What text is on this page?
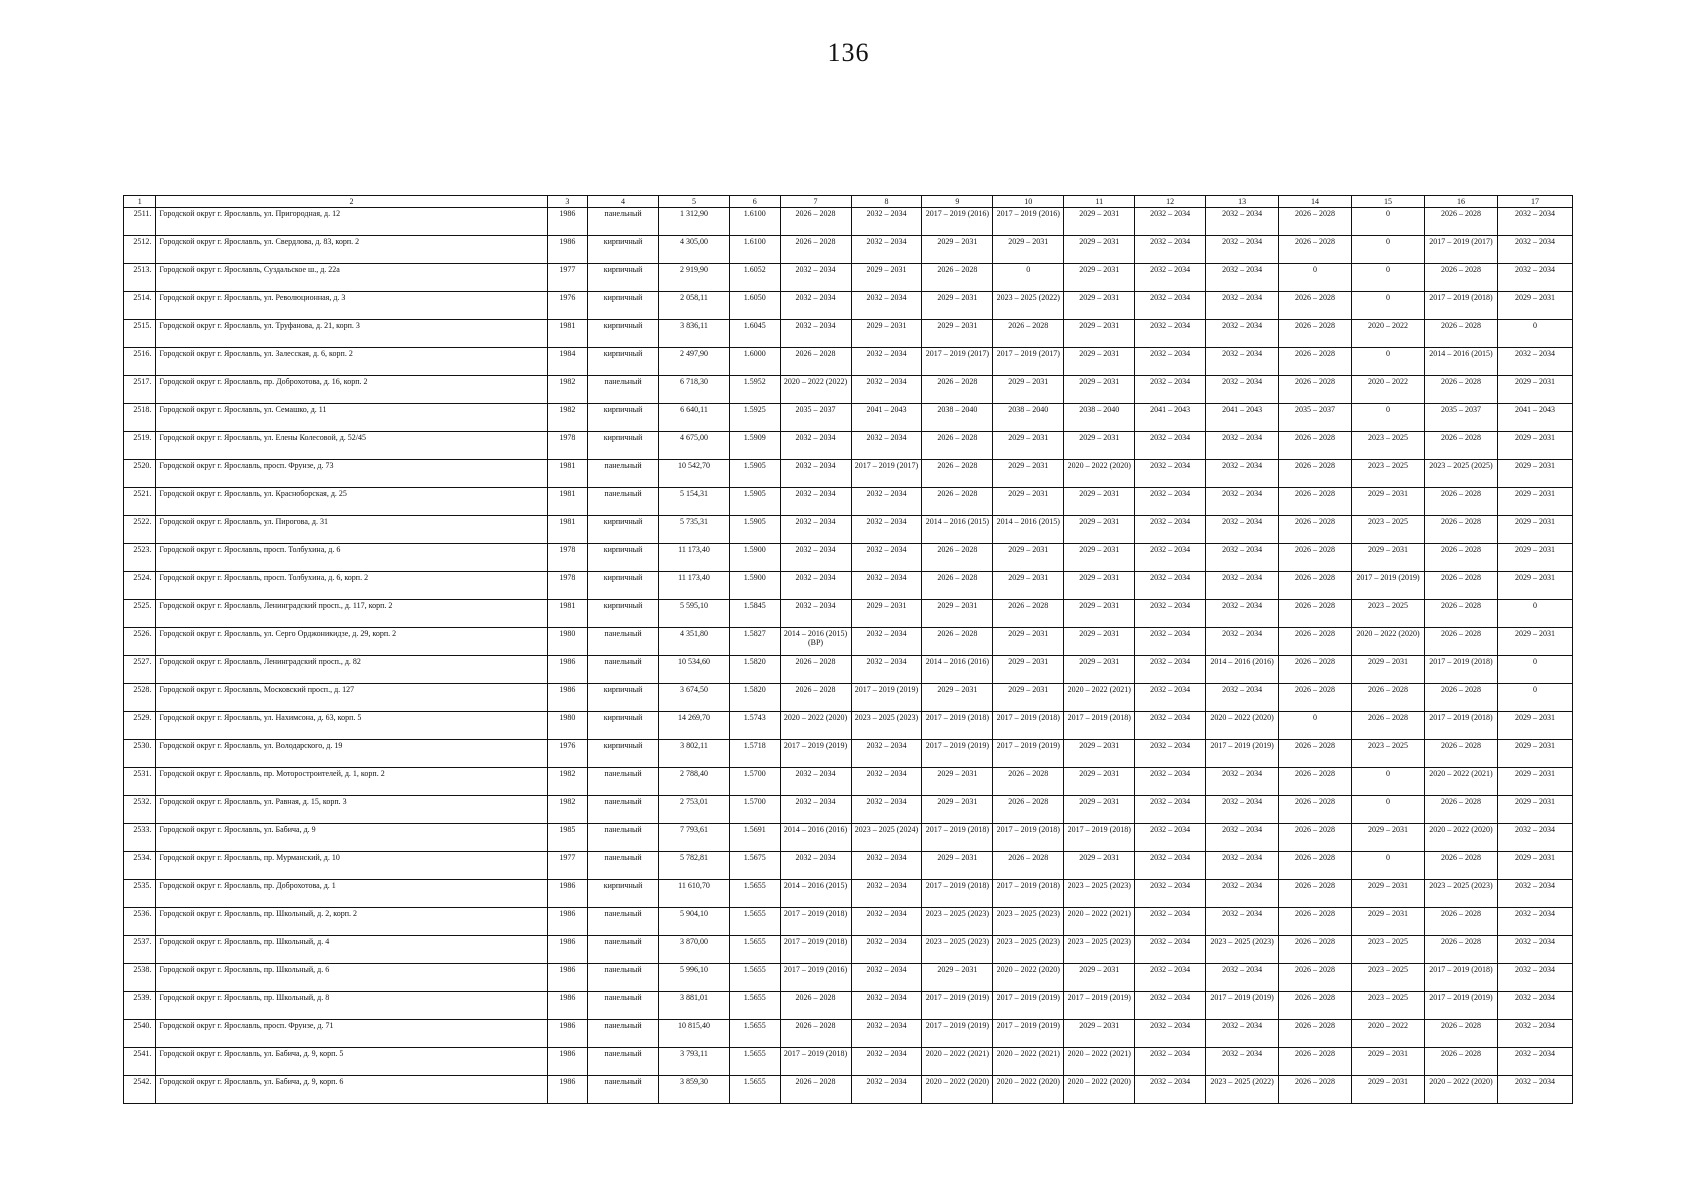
136
1	2	3	4	5	6	7	8	9	10	11	12	13	14	15	16	17
2511.	Городской округ г. Ярославль, ул. Пригородная, д. 12	1986	панельный	1 312,90	1.6100	2026 – 2028	2032 – 2034	2017 – 2019 (2016)	2017 – 2019 (2016)	2029 – 2031	2032 – 2034	2032 – 2034	2026 – 2028	0	2026 – 2028	2032 – 2034
2512.	Городской округ г. Ярославль, ул. Свердлова, д. 83, корп. 2	1986	кирпичный	4 305,00	1.6100	2026 – 2028	2032 – 2034	2029 – 2031	2029 – 2031	2029 – 2031	2032 – 2034	2032 – 2034	2026 – 2028	0	2017 – 2019 (2017)	2032 – 2034
2513.	Городской округ г. Ярославль, Суздальское ш., д. 22а	1977	кирпичный	2 919,90	1.6052	2032 – 2034	2029 – 2031	2026 – 2028	0	2029 – 2031	2032 – 2034	2032 – 2034	0	0	2026 – 2028	2032 – 2034
2514.	Городской округ г. Ярославль, ул. Революционная, д. 3	1976	кирпичный	2 058,11	1.6050	2032 – 2034	2032 – 2034	2029 – 2031	2023 – 2025 (2022)	2029 – 2031	2032 – 2034	2032 – 2034	2026 – 2028	0	2017 – 2019 (2018)	2029 – 2031
2515.	Городской округ г. Ярославль, ул. Труфанова, д. 21, корп. 3	1981	кирпичный	3 836,11	1.6045	2032 – 2034	2029 – 2031	2029 – 2031	2026 – 2028	2029 – 2031	2032 – 2034	2032 – 2034	2026 – 2028	2020 – 2022	2026 – 2028	0
2516.	Городской округ г. Ярославль, ул. Залесская, д. 6, корп. 2	1984	кирпичный	2 497,90	1.6000	2026 – 2028	2032 – 2034	2017 – 2019 (2017)	2017 – 2019 (2017)	2029 – 2031	2032 – 2034	2032 – 2034	2026 – 2028	0	2014 – 2016 (2015)	2032 – 2034
2517.	Городской округ г. Ярославль, пр. Доброхотова, д. 16, корп. 2	1982	панельный	6 718,30	1.5952	2020 – 2022 (2022)	2032 – 2034	2026 – 2028	2029 – 2031	2029 – 2031	2032 – 2034	2032 – 2034	2026 – 2028	2020 – 2022	2026 – 2028	2029 – 2031
2518.	Городской округ г. Ярославль, ул. Семашко, д. 11	1982	кирпичный	6 640,11	1.5925	2035 – 2037	2041 – 2043	2038 – 2040	2038 – 2040	2038 – 2040	2041 – 2043	2041 – 2043	2035 – 2037	0	2035 – 2037	2041 – 2043
2519.	Городской округ г. Ярославль, ул. Елены Колесовой, д. 52/45	1978	кирпичный	4 675,00	1.5909	2032 – 2034	2032 – 2034	2026 – 2028	2029 – 2031	2029 – 2031	2032 – 2034	2032 – 2034	2026 – 2028	2023 – 2025	2026 – 2028	2029 – 2031
2520.	Городской округ г. Ярославль, просп. Фрунзе, д. 73	1981	панельный	10 542,70	1.5905	2032 – 2034	2017 – 2019 (2017)	2026 – 2028	2029 – 2031	2020 – 2022 (2020)	2032 – 2034	2032 – 2034	2026 – 2028	2023 – 2025	2023 – 2025 (2025)	2029 – 2031
2521.	Городской округ г. Ярославль, ул. Красноборская, д. 25	1981	панельный	5 154,31	1.5905	2032 – 2034	2032 – 2034	2026 – 2028	2029 – 2031	2029 – 2031	2032 – 2034	2032 – 2034	2026 – 2028	2029 – 2031	2026 – 2028	2029 – 2031
2522.	Городской округ г. Ярославль, ул. Пирогова, д. 31	1981	кирпичный	5 735,31	1.5905	2032 – 2034	2032 – 2034	2014 – 2016 (2015)	2014 – 2016 (2015)	2029 – 2031	2032 – 2034	2032 – 2034	2026 – 2028	2023 – 2025	2026 – 2028	2029 – 2031
2523.	Городской округ г. Ярославль, просп. Толбухина, д. 6	1978	кирпичный	11 173,40	1.5900	2032 – 2034	2032 – 2034	2026 – 2028	2029 – 2031	2029 – 2031	2032 – 2034	2032 – 2034	2026 – 2028	2029 – 2031	2026 – 2028	2029 – 2031
2524.	Городской округ г. Ярославль, просп. Толбухина, д. 6, корп. 2	1978	кирпичный	11 173,40	1.5900	2032 – 2034	2032 – 2034	2026 – 2028	2029 – 2031	2029 – 2031	2032 – 2034	2032 – 2034	2026 – 2028	2017 – 2019 (2019)	2026 – 2028	2029 – 2031
2525.	Городской округ г. Ярославль, Ленинградский просп., д. 117, корп. 2	1981	кирпичный	5 595,10	1.5845	2032 – 2034	2029 – 2031	2029 – 2031	2026 – 2028	2029 – 2031	2032 – 2034	2032 – 2034	2026 – 2028	2023 – 2025	2026 – 2028	0
2526.	Городской округ г. Ярославль, ул. Серго Орджоникидзе, д. 29, корп. 2	1980	панельный	4 351,80	1.5827	2014 – 2016 (2015) (ВР)	2032 – 2034	2026 – 2028	2029 – 2031	2029 – 2031	2032 – 2034	2032 – 2034	2026 – 2028	2020 – 2022 (2020)	2026 – 2028	2029 – 2031
2527.	Городской округ г. Ярославль, Ленинградский просп., д. 82	1986	панельный	10 534,60	1.5820	2026 – 2028	2032 – 2034	2014 – 2016 (2016)	2029 – 2031	2029 – 2031	2032 – 2034	2014 – 2016 (2016)	2026 – 2028	2029 – 2031	2017 – 2019 (2018)	0
2528.	Городской округ г. Ярославль, Московский просп., д. 127	1986	кирпичный	3 674,50	1.5820	2026 – 2028	2017 – 2019 (2019)	2029 – 2031	2029 – 2031	2020 – 2022 (2021)	2032 – 2034	2032 – 2034	2026 – 2028	2026 – 2028	2026 – 2028	0
2529.	Городской округ г. Ярославль, ул. Нахимсона, д. 63, корп. 5	1980	кирпичный	14 269,70	1.5743	2020 – 2022 (2020)	2023 – 2025 (2023)	2017 – 2019 (2018)	2017 – 2019 (2018)	2017 – 2019 (2018)	2032 – 2034	2020 – 2022 (2020)	0	2026 – 2028	2017 – 2019 (2018)	2029 – 2031
2530.	Городской округ г. Ярославль, ул. Володарского, д. 19	1976	кирпичный	3 802,11	1.5718	2017 – 2019 (2019)	2032 – 2034	2017 – 2019 (2019)	2017 – 2019 (2019)	2029 – 2031	2032 – 2034	2017 – 2019 (2019)	2026 – 2028	2023 – 2025	2026 – 2028	2029 – 2031
2531.	Городской округ г. Ярославль, пр. Моторостроителей, д. 1, корп. 2	1982	панельный	2 788,40	1.5700	2032 – 2034	2032 – 2034	2029 – 2031	2026 – 2028	2029 – 2031	2032 – 2034	2032 – 2034	2026 – 2028	0	2020 – 2022 (2021)	2029 – 2031
2532.	Городской округ г. Ярославль, ул. Равная, д. 15, корп. 3	1982	панельный	2 753,01	1.5700	2032 – 2034	2032 – 2034	2029 – 2031	2026 – 2028	2029 – 2031	2032 – 2034	2032 – 2034	2026 – 2028	0	2026 – 2028	2029 – 2031
2533.	Городской округ г. Ярославль, ул. Бабича, д. 9	1985	панельный	7 793,61	1.5691	2014 – 2016 (2016)	2023 – 2025 (2024)	2017 – 2019 (2018)	2017 – 2019 (2018)	2017 – 2019 (2018)	2032 – 2034	2032 – 2034	2026 – 2028	2029 – 2031	2020 – 2022 (2020)	2032 – 2034
2534.	Городской округ г. Ярославль, пр. Мурманский, д. 10	1977	панельный	5 782,81	1.5675	2032 – 2034	2032 – 2034	2029 – 2031	2026 – 2028	2029 – 2031	2032 – 2034	2032 – 2034	2026 – 2028	0	2026 – 2028	2029 – 2031
2535.	Городской округ г. Ярославль, пр. Доброхотова, д. 1	1986	кирпичный	11 610,70	1.5655	2014 – 2016 (2015)	2032 – 2034	2017 – 2019 (2018)	2017 – 2019 (2018)	2023 – 2025 (2023)	2032 – 2034	2032 – 2034	2026 – 2028	2029 – 2031	2023 – 2025 (2023)	2032 – 2034
2536.	Городской округ г. Ярославль, пр. Школьный, д. 2, корп. 2	1986	панельный	5 904,10	1.5655	2017 – 2019 (2018)	2032 – 2034	2023 – 2025 (2023)	2023 – 2025 (2023)	2020 – 2022 (2021)	2032 – 2034	2032 – 2034	2026 – 2028	2029 – 2031	2026 – 2028	2032 – 2034
2537.	Городской округ г. Ярославль, пр. Школьный, д. 4	1986	панельный	3 870,00	1.5655	2017 – 2019 (2018)	2032 – 2034	2023 – 2025 (2023)	2023 – 2025 (2023)	2023 – 2025 (2023)	2032 – 2034	2023 – 2025 (2023)	2026 – 2028	2023 – 2025	2026 – 2028	2032 – 2034
2538.	Городской округ г. Ярославль, пр. Школьный, д. 6	1986	панельный	5 996,10	1.5655	2017 – 2019 (2016)	2032 – 2034	2029 – 2031	2020 – 2022 (2020)	2029 – 2031	2032 – 2034	2032 – 2034	2026 – 2028	2023 – 2025	2017 – 2019 (2018)	2032 – 2034
2539.	Городской округ г. Ярославль, пр. Школьный, д. 8	1986	панельный	3 881,01	1.5655	2026 – 2028	2032 – 2034	2017 – 2019 (2019)	2017 – 2019 (2019)	2017 – 2019 (2019)	2032 – 2034	2017 – 2019 (2019)	2026 – 2028	2023 – 2025	2017 – 2019 (2019)	2032 – 2034
2540.	Городской округ г. Ярославль, просп. Фрунзе, д. 71	1986	панельный	10 815,40	1.5655	2026 – 2028	2032 – 2034	2017 – 2019 (2019)	2017 – 2019 (2019)	2029 – 2031	2032 – 2034	2032 – 2034	2026 – 2028	2020 – 2022	2026 – 2028	2032 – 2034
2541.	Городской округ г. Ярославль, ул. Бабича, д. 9, корп. 5	1986	панельный	3 793,11	1.5655	2017 – 2019 (2018)	2032 – 2034	2020 – 2022 (2021)	2020 – 2022 (2021)	2020 – 2022 (2021)	2032 – 2034	2032 – 2034	2026 – 2028	2029 – 2031	2026 – 2028	2032 – 2034
2542.	Городской округ г. Ярославль, ул. Бабича, д. 9, корп. 6	1986	панельный	3 859,30	1.5655	2026 – 2028	2032 – 2034	2020 – 2022 (2020)	2020 – 2022 (2020)	2020 – 2022 (2020)	2032 – 2034	2023 – 2025 (2022)	2026 – 2028	2029 – 2031	2020 – 2022 (2020)	2032 – 2034
